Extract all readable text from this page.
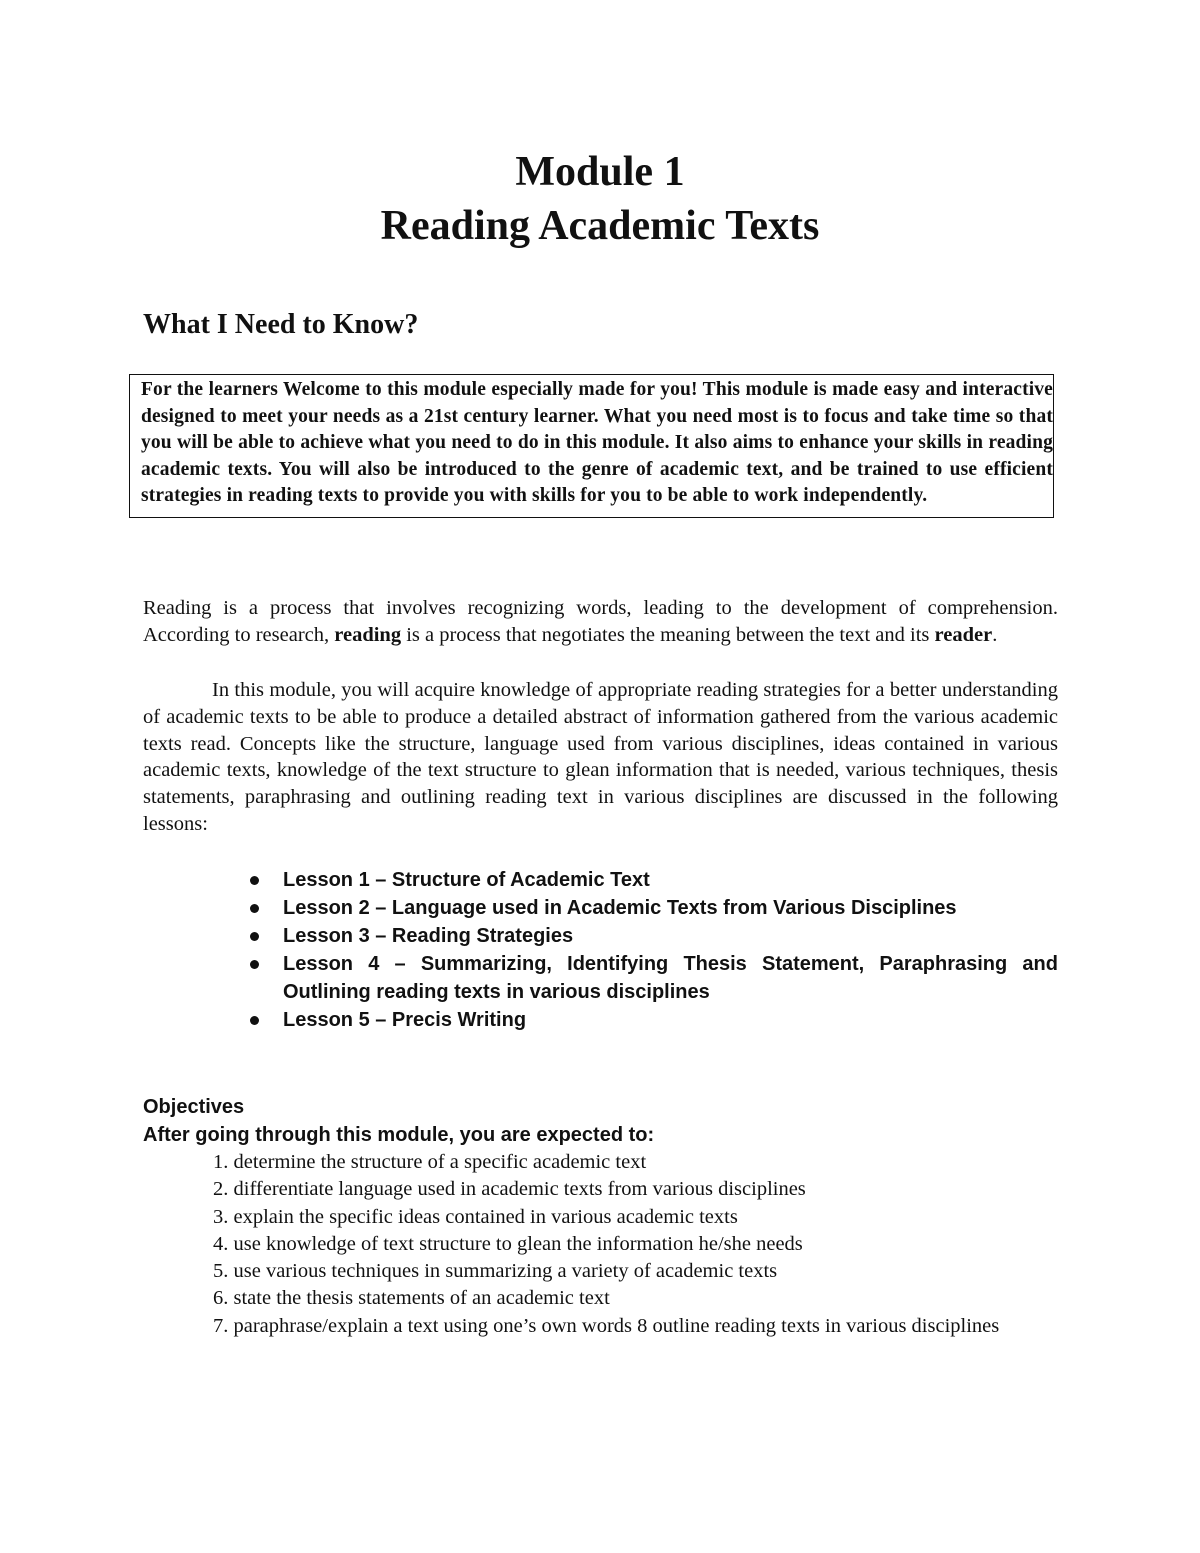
Module 1
Reading Academic Texts
What I Need to Know?
For the learners Welcome to this module especially made for you! This module is made easy and interactive designed to meet your needs as a 21st century learner. What you need most is to focus and take time so that you will be able to achieve what you need to do in this module. It also aims to enhance your skills in reading academic texts. You will also be introduced to the genre of academic text, and be trained to use efficient strategies in reading texts to provide you with skills for you to be able to work independently.

Reading is a process that involves recognizing words, leading to the development of comprehension. According to research, reading is a process that negotiates the meaning between the text and its reader.

In this module, you will acquire knowledge of appropriate reading strategies for a better understanding of academic texts to be able to produce a detailed abstract of information gathered from the various academic texts read. Concepts like the structure, language used from various disciplines, ideas contained in various academic texts, knowledge of the text structure to glean information that is needed, various techniques, thesis statements, paraphrasing and outlining reading text in various disciplines are discussed in the following lessons:

Lesson 1 – Structure of Academic Text
Lesson 2 – Language used in Academic Texts from Various Disciplines
Lesson 3 – Reading Strategies
Lesson 4 – Summarizing, Identifying Thesis Statement, Paraphrasing and Outlining reading texts in various disciplines
Lesson 5 – Precis Writing
Objectives
After going through this module, you are expected to:
1. determine the structure of a specific academic text
2. differentiate language used in academic texts from various disciplines
3. explain the specific ideas contained in various academic texts
4. use knowledge of text structure to glean the information he/she needs
5. use various techniques in summarizing a variety of academic texts
6. state the thesis statements of an academic text
7. paraphrase/explain a text using one’s own words 8 outline reading texts in various disciplines
